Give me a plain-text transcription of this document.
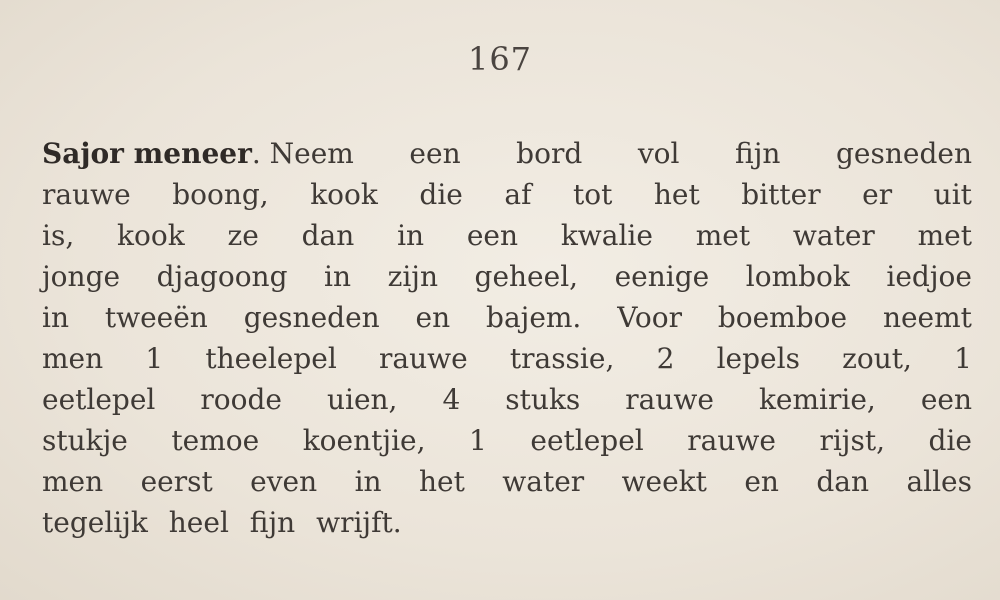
167
Sajor meneer. Neem een bord vol fijn gesneden
rauwe boong, kook die af tot het bitter er uit
is, kook ze dan in een kwalie met water met
jonge djagoong in zijn geheel, eenige lombok iedjoe
in tweeën gesneden en bajem. Voor boemboe neemt
men 1 theelepel rauwe trassie, 2 lepels zout, 1
eetlepel roode uien, 4 stuks rauwe kemirie, een
stukje temoe koentjie, 1 eetlepel rauwe rijst, die
men eerst even in het water weekt en dan alles
tegelijk heel fijn wrijft.
